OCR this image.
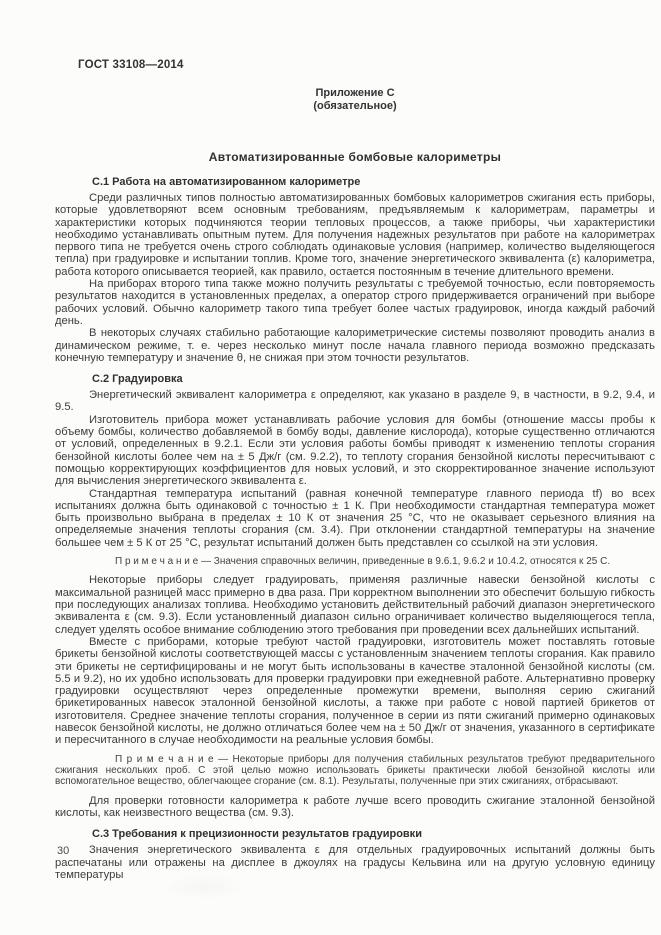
ГОСТ 33108—2014
Приложение С
(обязательное)
Автоматизированные бомбовые калориметры
С.1 Работа на автоматизированном калориметре

Среди различных типов полностью автоматизированных бомбовых калориметров сжигания есть приборы, которые удовлетворяют всем основным требованиям, предъявляемым к калориметрам, параметры и характеристики которых подчиняются теории тепловых процессов, а также приборы, чьи характеристики необходимо устанавливать опытным путем. Для получения надежных результатов при работе на калориметрах первого типа не требуется очень строго соблюдать одинаковые условия (например, количество выделяющегося тепла) при градуировке и испытании топлив. Кроме того, значение энергетического эквивалента (ε) калориметра, работа которого описывается теорией, как правило, остается постоянным в течение длительного времени.

На приборах второго типа также можно получить результаты с требуемой точностью, если повторяемость результатов находится в установленных пределах, а оператор строго придерживается ограничений при выборе рабочих условий. Обычно калориметр такого типа требует более частых градуировок, иногда каждый рабочий день.

В некоторых случаях стабильно работающие калориметрические системы позволяют проводить анализ в динамическом режиме, т. е. через несколько минут после начала главного периода возможно предсказать конечную температуру и значение θ, не снижая при этом точности результатов.

С.2 Градуировка

Энергетический эквивалент калориметра ε определяют, как указано в разделе 9, в частности, в 9.2, 9.4, и 9.5.

Изготовитель прибора может устанавливать рабочие условия для бомбы (отношение массы пробы к объему бомбы, количество добавляемой в бомбу воды, давление кислорода), которые существенно отличаются от условий, определенных в 9.2.1. Если эти условия работы бомбы приводят к изменению теплоты сгорания бензойной кислоты более чем на ± 5 Дж/г (см. 9.2.2), то теплоту сгорания бензойной кислоты пересчитывают с помощью корректирующих коэффициентов для новых условий, и это скорректированное значение используют для вычисления энергетического эквивалента ε.

Стандартная температура испытаний (равная конечной температуре главного периода tf) во всех испытаниях должна быть одинаковой с точностью ± 1 К. При необходимости стандартная температура может быть произвольно выбрана в пределах ± 10 К от значения 25 °С, что не оказывает серьезного влияния на определяемые значения теплоты сгорания (см. 3.4). При отклонении стандартной температуры на значение большее чем ± 5 К от 25 °С, результат испытаний должен быть представлен со ссылкой на эти условия.

П р и м е ч а н и е — Значения справочных величин, приведенные в 9.6.1, 9.6.2 и 10.4.2, относятся к 25 С.

Некоторые приборы следует градуировать, применяя различные навески бензойной кислоты с максимальной разницей масс примерно в два раза. При корректном выполнении это обеспечит большую гибкость при последующих анализах топлива. Необходимо установить действительный рабочий диапазон энергетического эквивалента ε (см. 9.3). Если установленный диапазон сильно ограничивает количество выделяющегося тепла, следует уделять особое внимание соблюдению этого требования при проведении всех дальнейших испытаний.

Вместе с приборами, которые требуют частой градуировки, изготовитель может поставлять готовые брикеты бензойной кислоты соответствующей массы с установленным значением теплоты сгорания. Как правило эти брикеты не сертифицированы и не могут быть использованы в качестве эталонной бензойной кислоты (см. 5.5 и 9.2), но их удобно использовать для проверки градуировки при ежедневной работе. Альтернативно проверку градуировки осуществляют через определенные промежутки времени, выполняя серию сжиганий брикетированных навесок эталонной бензойной кислоты, а также при работе с новой партией брикетов от изготовителя. Среднее значение теплоты сгорания, полученное в серии из пяти сжиганий примерно одинаковых навесок бензойной кислоты, не должно отличаться более чем на ± 50 Дж/г от значения, указанного в сертификате и пересчитанного в случае необходимости на реальные условия бомбы.

П р и м е ч а н и е — Некоторые приборы для получения стабильных результатов требуют предварительного сжигания нескольких проб. С этой целью можно использовать брикеты практически любой бензойной кислоты или вспомогательное вещество, облегчающее сгорание (см. 8.1). Результаты, полученные при этих сжиганиях, отбрасывают.

Для проверки готовности калориметра к работе лучше всего проводить сжигание эталонной бензойной кислоты, как неизвестного вещества (см. 9.3).

С.3 Требования к прецизионности результатов градуировки

Значения энергетического эквивалента ε для отдельных градуировочных испытаний должны быть распечатаны или отражены на дисплее в джоулях на градусы Кельвина или на другую условную единицу температуры

30
